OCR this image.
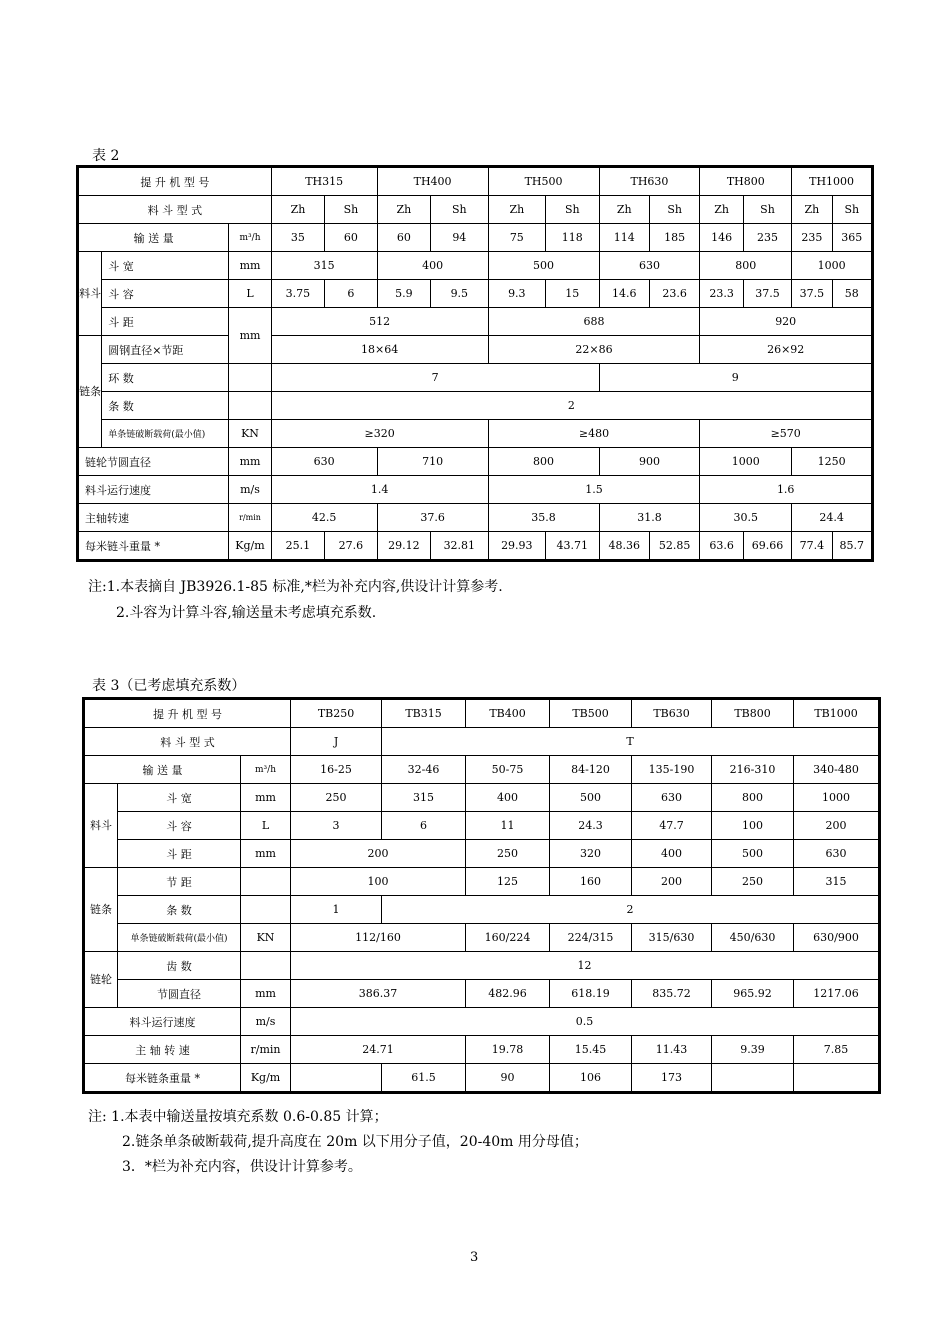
表 2
提 升 机 型 号			TH315		TH400		TH500		TH630		TH800		TH1000	
料 斗 型 式			Zh	Sh	Zh	Sh	Zh	Sh	Zh	Sh	Zh	Sh	Zh	Sh
输 送 量		m³/h	35	60	60	94	75	118	114	185	146	235	235	365
料斗	斗 宽	mm	315		400		500		630		800		1000	
	斗 容	L	3.75	6	5.9	9.5	9.3	15	14.6	23.6	23.3	37.5	37.5	58
	斗 距	mm	512				688				920			
链条	圆钢直径×节距		18×64				22×86				26×92			
	环 数		7						9					
	条 数		2											
	单条链破断载荷(最小值)	KN	≥320				≥480				≥570			
链轮节圆直径		mm	630		710		800		900		1000		1250	
料斗运行速度		m/s	1.4				1.5				1.6			
主轴转速		r/min	42.5		37.6		35.8		31.8		30.5		24.4	
每米链斗重量 *		Kg/m	25.1	27.6	29.12	32.81	29.93	43.71	48.36	52.85	63.6	69.66	77.4	85.7
注:1.本表摘自 JB3926.1-85 标准,*栏为补充内容,供设计计算参考.
2.斗容为计算斗容,输送量未考虑填充系数.
表 3（已考虑填充系数）
提 升 机 型 号			TB250	TB315	TB400	TB500	TB630	TB800	TB1000
料 斗 型 式			J	T					
输 送 量		m³/h	16-25	32-46	50-75	84-120	135-190	216-310	340-480
料斗	斗 宽	mm	250	315	400	500	630	800	1000
	斗 容	L	3	6	11	24.3	47.7	100	200
	斗 距	mm	200		250	320	400	500	630
链条	节 距		100		125	160	200	250	315
	条 数		1	2					
	单条链破断载荷(最小值)	KN	112/160		160/224	224/315	315/630	450/630	630/900
链轮	齿 数		12						
	节圆直径	mm	386.37		482.96	618.19	835.72	965.92	1217.06
料斗运行速度		m/s	0.5						
主 轴 转 速		r/min	24.71		19.78	15.45	11.43	9.39	7.85
每米链条重量 *		Kg/m		61.5	90	106	173		
注: 1.本表中输送量按填充系数 0.6-0.85 计算；
2.链条单条破断载荷,提升高度在 20m 以下用分子值，20-40m 用分母值；
3．*栏为补充内容，供设计计算参考。
3
